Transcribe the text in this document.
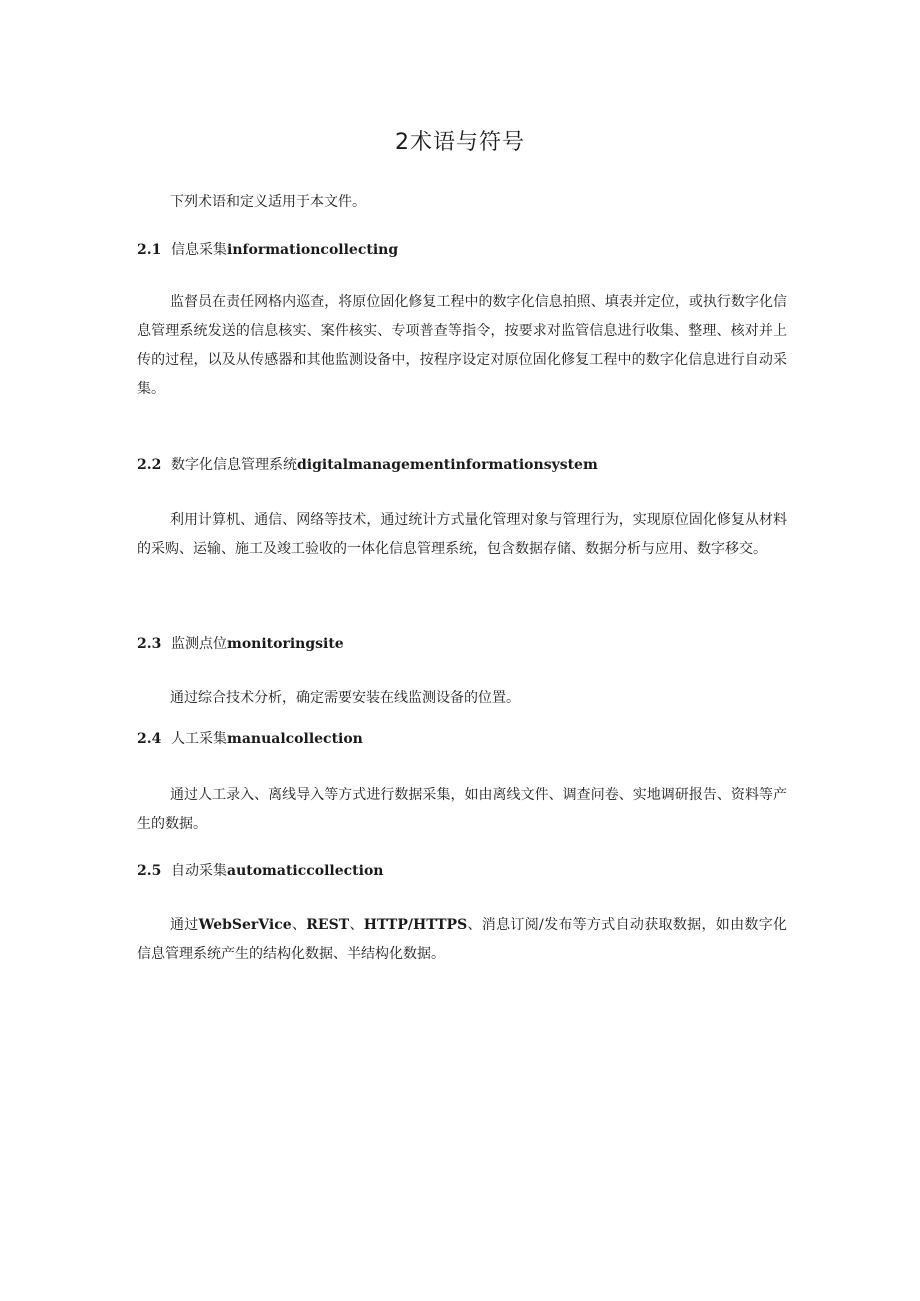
2术语与符号
下列术语和定义适用于本文件。
2.1 信息采集informationcollecting

监督员在责任网格内巡查，将原位固化修复工程中的数字化信息拍照、填表并定位，或执行数字化信息管理系统发送的信息核实、案件核实、专项普查等指令，按要求对监管信息进行收集、整理、核对并上传的过程，以及从传感器和其他监测设备中，按程序设定对原位固化修复工程中的数字化信息进行自动采集。

2.2 数字化信息管理系统digitalmanagementinformationsystem

利用计算机、通信、网络等技术，通过统计方式量化管理对象与管理行为，实现原位固化修复从材料的采购、运输、施工及竣工验收的一体化信息管理系统，包含数据存储、数据分析与应用、数字移交。

2.3 监测点位monitoringsite

通过综合技术分析，确定需要安装在线监测设备的位置。

2.4 人工采集manualcollection

通过人工录入、离线导入等方式进行数据采集，如由离线文件、调查问卷、实地调研报告、资料等产生的数据。

2.5 自动采集automaticcollection

通过WebSerVice、REST、HTTP/HTTPS、消息订阅/发布等方式自动获取数据，如由数字化信息管理系统产生的结构化数据、半结构化数据。
